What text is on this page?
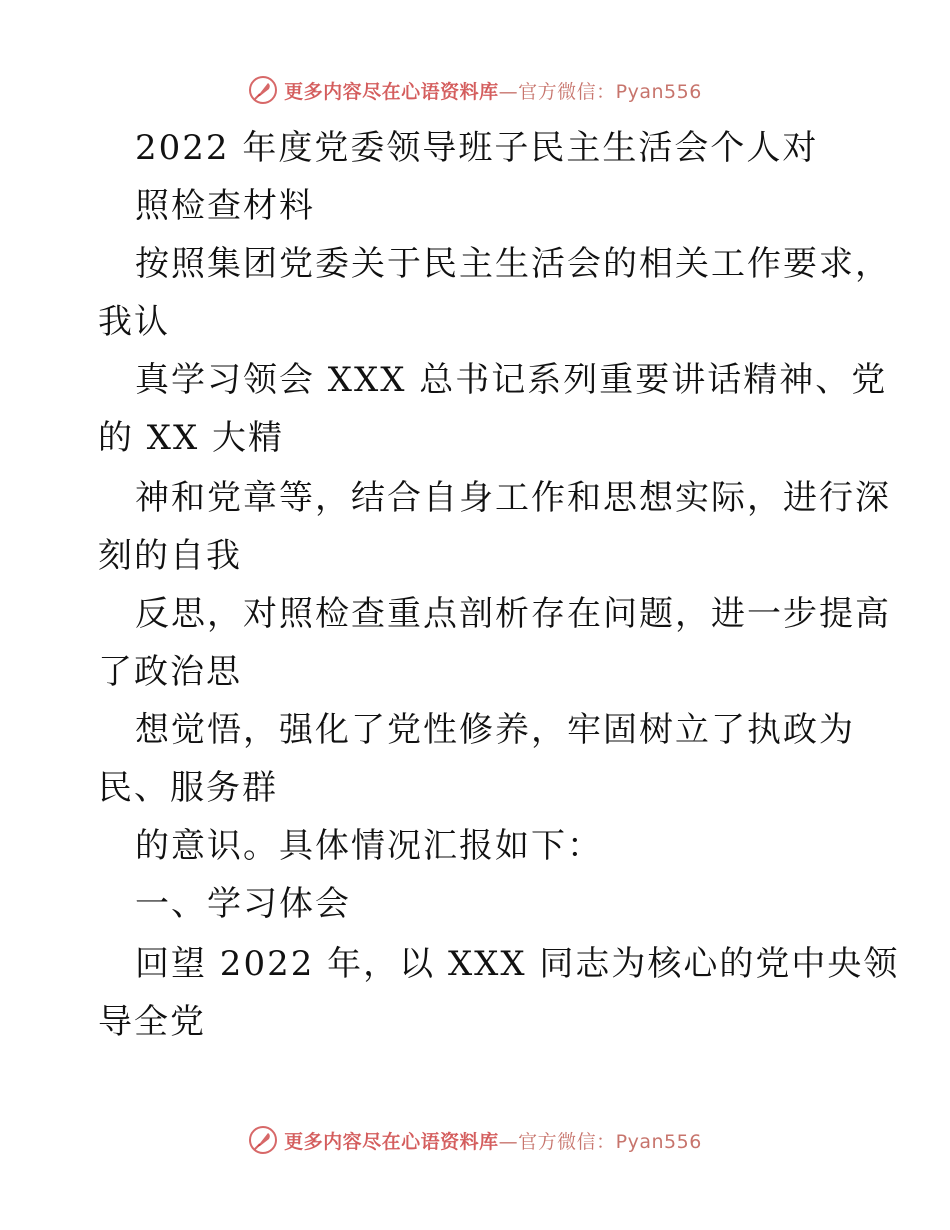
更多内容尽在心语资料库—官方微信：Pyan556
2022 年度党委领导班子民主生活会个人对
照检查材料
按照集团党委关于民主生活会的相关工作要求，
我认
真学习领会 XXX 总书记系列重要讲话精神、党
的 XX 大精
神和党章等，结合自身工作和思想实际，进行深
刻的自我
反思，对照检查重点剖析存在问题，进一步提高
了政治思
想觉悟，强化了党性修养，牢固树立了执政为
民、服务群
的意识。具体情况汇报如下：
一、学习体会
回望 2022 年，以 XXX 同志为核心的党中央领
导全党
更多内容尽在心语资料库—官方微信：Pyan556
